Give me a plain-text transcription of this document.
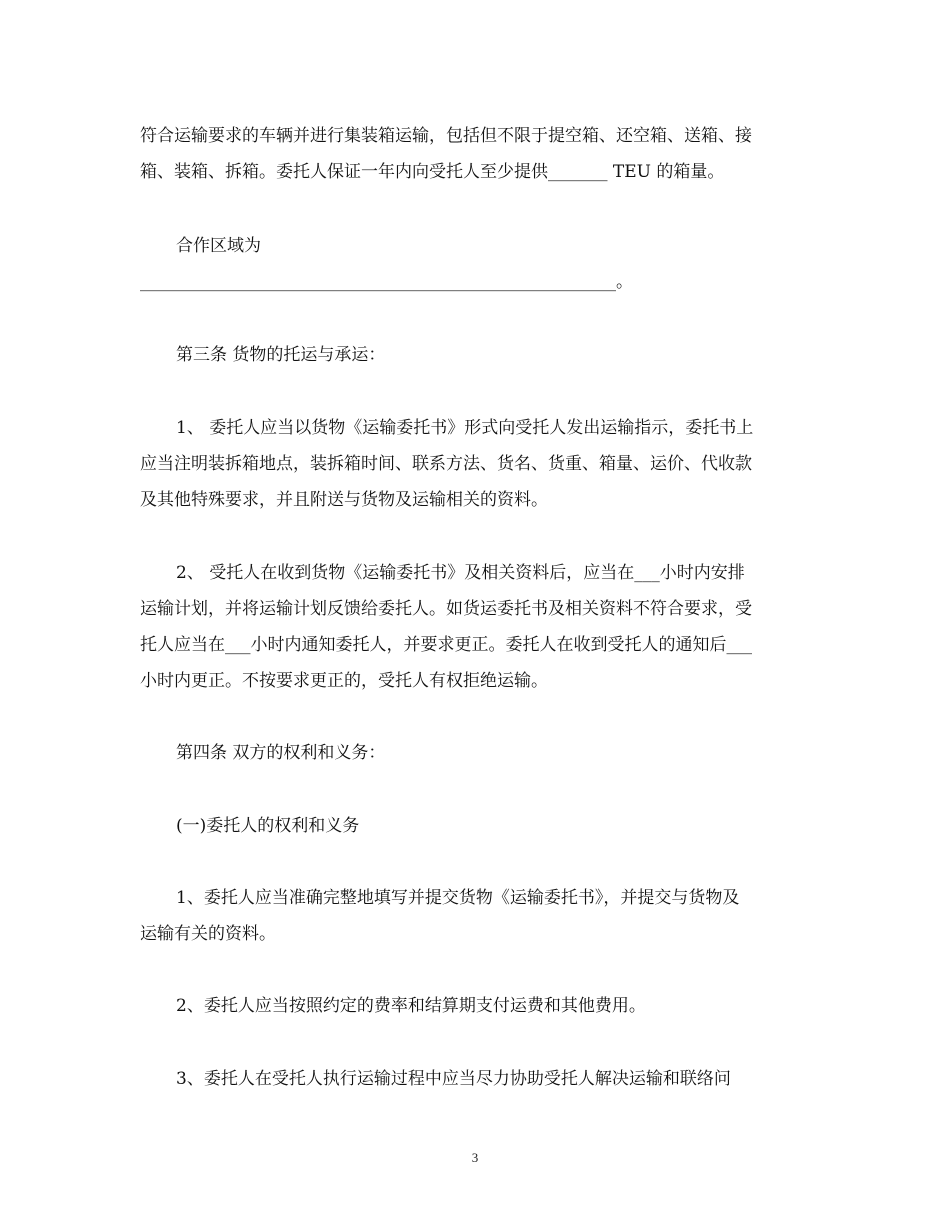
符合运输要求的车辆并进行集装箱运输，包括但不限于提空箱、还空箱、送箱、接
箱、装箱、拆箱。委托人保证一年内向受托人至少提供_______ TEU 的箱量。
合作区域为
________________________________________________________。
第三条 货物的托运与承运：
1、 委托人应当以货物《运输委托书》形式向受托人发出运输指示，委托书上
应当注明装拆箱地点，装拆箱时间、联系方法、货名、货重、箱量、运价、代收款
及其他特殊要求，并且附送与货物及运输相关的资料。
2、 受托人在收到货物《运输委托书》及相关资料后，应当在___小时内安排
运输计划，并将运输计划反馈给委托人。如货运委托书及相关资料不符合要求，受
托人应当在___小时内通知委托人，并要求更正。委托人在收到受托人的通知后___
小时内更正。不按要求更正的，受托人有权拒绝运输。
第四条 双方的权利和义务：
(一)委托人的权利和义务
1、委托人应当准确完整地填写并提交货物《运输委托书》，并提交与货物及
运输有关的资料。
2、委托人应当按照约定的费率和结算期支付运费和其他费用。
3、委托人在受托人执行运输过程中应当尽力协助受托人解决运输和联络问
3
